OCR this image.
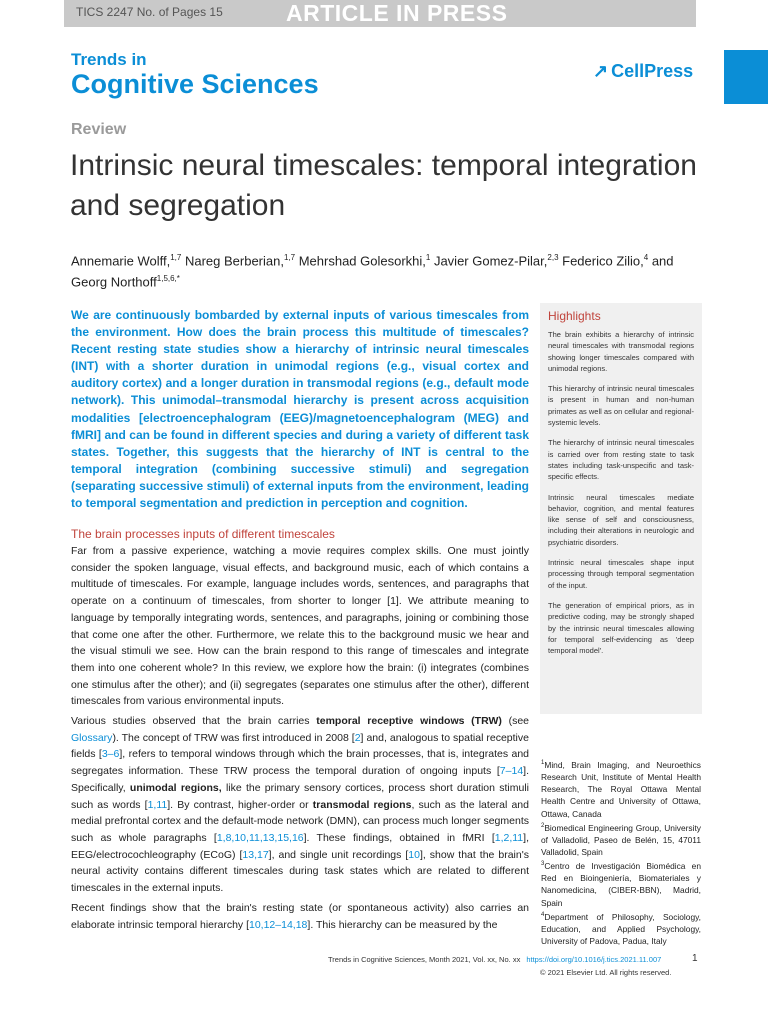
TICS 2247 No. of Pages 15	ARTICLE IN PRESS
Trends in
Cognitive Sciences	↗ CellPress
Review
Intrinsic neural timescales: temporal integration and segregation
Annemarie Wolff,$^{1,7}$ Nareg Berberian,$^{1,7}$ Mehrshad Golesorkhi,$^1$ Javier Gomez-Pilar,$^{2,3}$ Federico Zilio,$^4$ and Georg Northoff$^{1,5,6,*}$
We are continuously bombarded by external inputs of various timescales from the environment. How does the brain process this multitude of timescales? Recent resting state studies show a hierarchy of intrinsic neural timescales (INT) with a shorter duration in unimodal regions (e.g., visual cortex and auditory cortex) and a longer duration in transmodal regions (e.g., default mode network). This unimodal–transmodal hierarchy is present across acquisition modalities [electroencephalogram (EEG)/magnetoencephalogram (MEG) and fMRI] and can be found in different species and during a variety of different task states. Together, this suggests that the hierarchy of INT is central to the temporal integration (combining successive stimuli) and segregation (separating successive stimuli) of external inputs from the environment, leading to temporal segmentation and prediction in perception and cognition.
Highlights
The brain exhibits a hierarchy of intrinsic neural timescales with transmodal regions showing longer timescales compared with unimodal regions.
This hierarchy of intrinsic neural timescales is present in human and non-human primates as well as on cellular and regional-systemic levels.
The hierarchy of intrinsic neural timescales is carried over from resting state to task states including task-unspecific and task-specific effects.
Intrinsic neural timescales mediate behavior, cognition, and mental features like sense of self and consciousness, including their alterations in neurologic and psychiatric disorders.
Intrinsic neural timescales shape input processing through temporal segmentation of the input.
The generation of empirical priors, as in predictive coding, may be strongly shaped by the intrinsic neural timescales allowing for temporal self-evidencing as 'deep temporal model'.
The brain processes inputs of different timescales
Far from a passive experience, watching a movie requires complex skills. One must jointly consider the spoken language, visual effects, and background music, each of which contains a multitude of timescales. For example, language includes words, sentences, and paragraphs that operate on a continuum of timescales, from shorter to longer [1]. We attribute meaning to language by temporally integrating words, sentences, and paragraphs, joining or combining those that come one after the other. Furthermore, we relate this to the background music we hear and the visual stimuli we see. How can the brain respond to this range of timescales and integrate them into one coherent whole? In this review, we explore how the brain: (i) integrates (combines one stimulus after the other); and (ii) segregates (separates one stimulus after the other), different timescales from various environmental inputs.
Various studies observed that the brain carries temporal receptive windows (TRW) (see Glossary). The concept of TRW was first introduced in 2008 [2] and, analogous to spatial receptive fields [3–6], refers to temporal windows through which the brain processes, that is, integrates and segregates information. These TRW process the temporal duration of ongoing inputs [7–14]. Specifically, unimodal regions, like the primary sensory cortices, process short duration stimuli such as words [1,11]. By contrast, higher-order or transmodal regions, such as the lateral and medial prefrontal cortex and the default-mode network (DMN), can process much longer segments such as whole paragraphs [1,8,10,11,13,15,16]. These findings, obtained in fMRI [1,2,11], EEG/electrocochleography (ECoG) [13,17], and single unit recordings [10], show that the brain's neural activity contains different timescales during task states which are related to different timescales in the external inputs.
Recent findings show that the brain's resting state (or spontaneous activity) also carries an elaborate intrinsic temporal hierarchy [10,12–14,18]. This hierarchy can be measured by the
$^1$Mind, Brain Imaging, and Neuroethics Research Unit, Institute of Mental Health Research, The Royal Ottawa Mental Health Centre and University of Ottawa, Ottawa, Canada
$^2$Biomedical Engineering Group, University of Valladolid, Paseo de Belén, 15, 47011 Valladolid, Spain
$^3$Centro de Investigación Biomédica en Red en Bioingeniería, Biomateriales y Nanomedicina, (CIBER-BBN), Madrid, Spain
$^4$Department of Philosophy, Sociology, Education, and Applied Psychology, University of Padova, Padua, Italy
Trends in Cognitive Sciences, Month 2021, Vol. xx, No. xx https://doi.org/10.1016/j.tics.2021.11.007	1
© 2021 Elsevier Ltd. All rights reserved.
